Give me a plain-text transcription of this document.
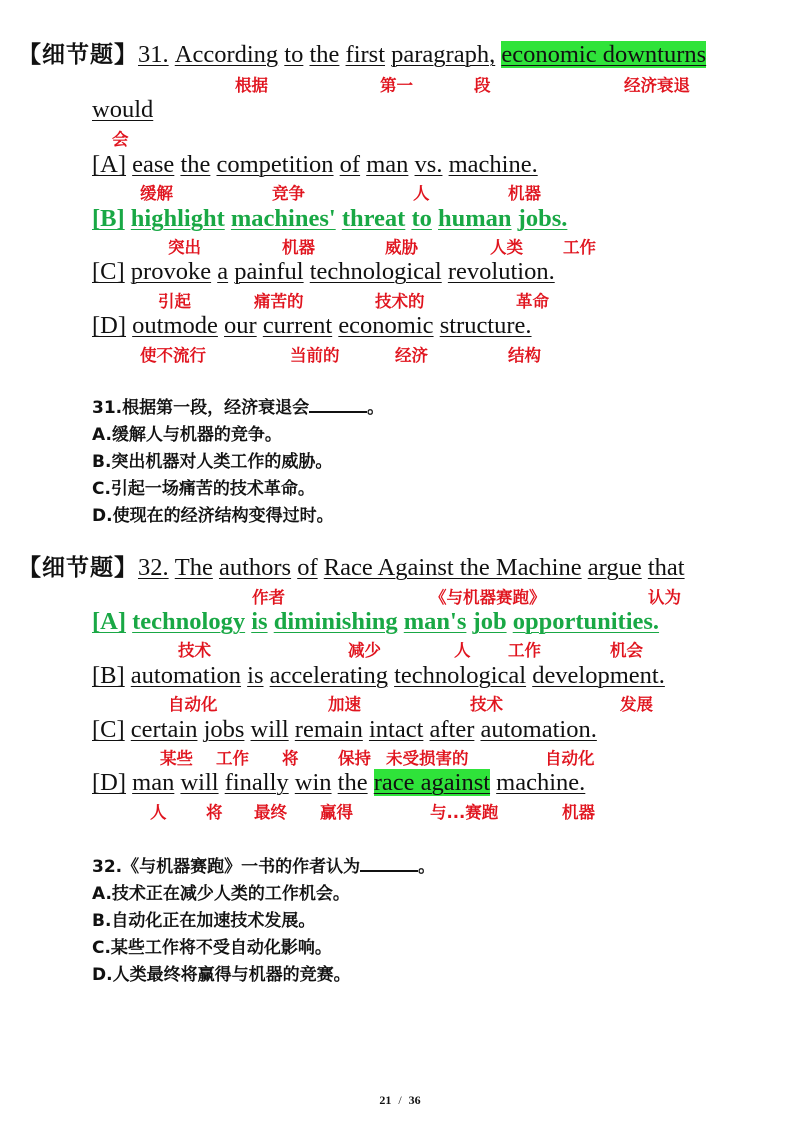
【细节题】31. According to the first paragraph, economic downturns
根据	第一	段	经济衰退
would
会
[A] ease the competition of man vs. machine.
缓解	竞争	人	机器
[B] highlight machines' threat to human jobs.
突出	机器	威胁	人类 工作
[C] provoke a painful technological revolution.
引起	痛苦的	技术的	革命
[D] outmode our current economic structure.
使不流行	当前的	经济	结构
31.根据第一段，经济衰退会	。
A.缓解人与机器的竞争。
B.突出机器对人类工作的威胁。
C.引起一场痛苦的技术革命。
D.使现在的经济结构变得过时。
【细节题】32. The authors of Race Against the Machine argue that
作者	《与机器赛跑》	认为
[A] technology is diminishing man's job opportunities.
技术	减少	人 工作	机会
[B] automation is accelerating technological development.
自动化	加速	技术	发展
[C] certain jobs will remain intact after automation.
某些 工作 将 保持 未受损害的	自动化
[D] man will finally win the race against machine.
人 将 最终 赢得	与...赛跑	机器
32.《与机器赛跑》一书的作者认为	。
A.技术正在减少人类的工作机会。
B.自动化正在加速技术发展。
C.某些工作将不受自动化影响。
D.人类最终将赢得与机器的竞赛。
21 / 36
